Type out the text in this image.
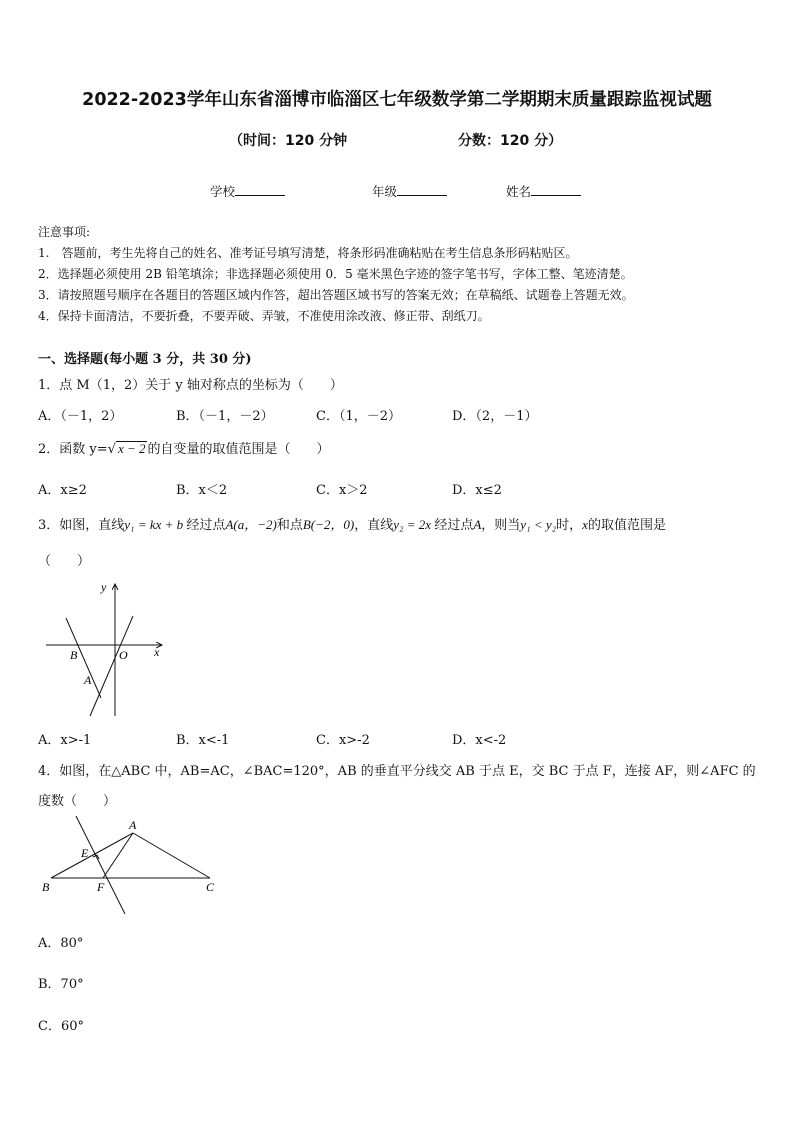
2022-2023学年山东省淄博市临淄区七年级数学第二学期期末质量跟踪监视试题
（时间：120 分钟	分数：120 分）
学校	年级	姓名
注意事项:
1.　答题前，考生先将自己的姓名、准考证号填写清楚，将条形码准确粘贴在考生信息条形码粘贴区。
2．选择题必须使用 2B 铅笔填涂；非选择题必须使用 0．5 毫米黑色字迹的签字笔书写，字体工整、笔迹清楚。
3．请按照题号顺序在各题目的答题区域内作答，超出答题区域书写的答案无效；在草稿纸、试题卷上答题无效。
4．保持卡面清洁，不要折叠，不要弄破、弄皱，不准使用涂改液、修正带、刮纸刀。
一、选择题(每小题 3 分，共 30 分)
1．点 M（1，2）关于 y 轴对称点的坐标为（　　）
A．（－1，2）	B．（－1，－2）	C．（1，－2）	D．（2，－1）
2．函数 y=√ x − 2 的自变量的取值范围是（　　）
A．x≥2	B．x＜2	C．x＞2	D．x≤2
3．如图，直线y₁ = kx + b 经过点A(a，−2)和点B(−2，0)，直线y₂ = 2x 经过点A，则当y₁ < y₂时，x的取值范围是
（　　）
y
x
O
B
A
A．x>-1	B．x<-1	C．x>-2	D．x<-2
4．如图，在△ABC 中，AB=AC，∠BAC=120°，AB 的垂直平分线交 AB 于点 E，交 BC 于点 F，连接 AF，则∠AFC 的
度数（　　）
A
B	C
E
F
A．80°
B．70°
C．60°
